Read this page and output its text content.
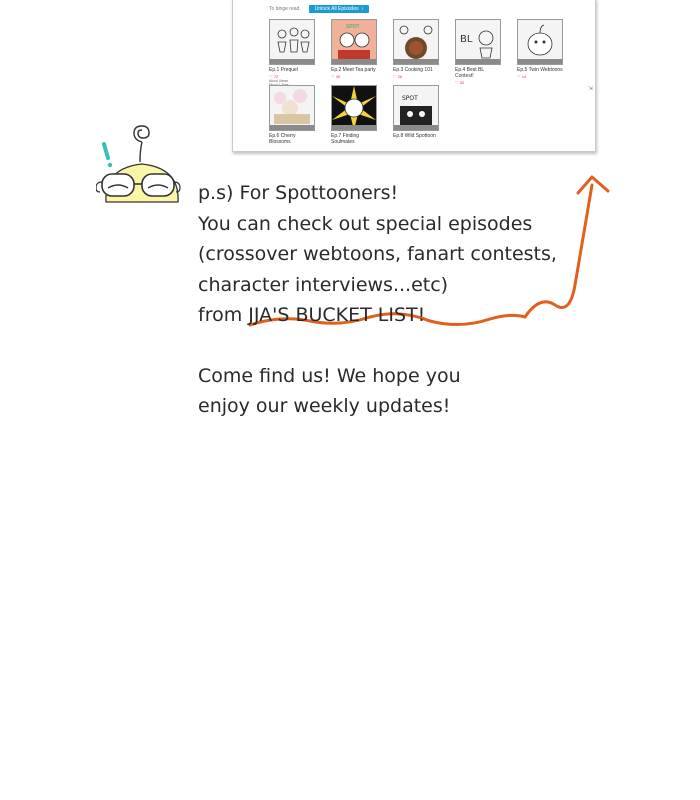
To binge read,	Unlock All Episodes ›
Ep.1 Prequel
♡ 72
Mood Views
SPOT
Ep.2 Meet Tea party
♡ 39
Ep.3 Cooking 101
♡ 26
BL
Ep.4 Best BL Contest!
♡ 32
Ep.5 Twin Webtoons
♡ 14
Ep.6 Cherry Blossoms
Ep.7 Finding Soulmates
SPOT
Ep.8 Wild Spottoon
⇲
p.s) For Spottooners!
You can check out special episodes
(crossover webtoons, fanart contests,
character interviews...etc)
from JJA'S BUCKET LIST!
Come find us! We hope you
enjoy our weekly updates!
